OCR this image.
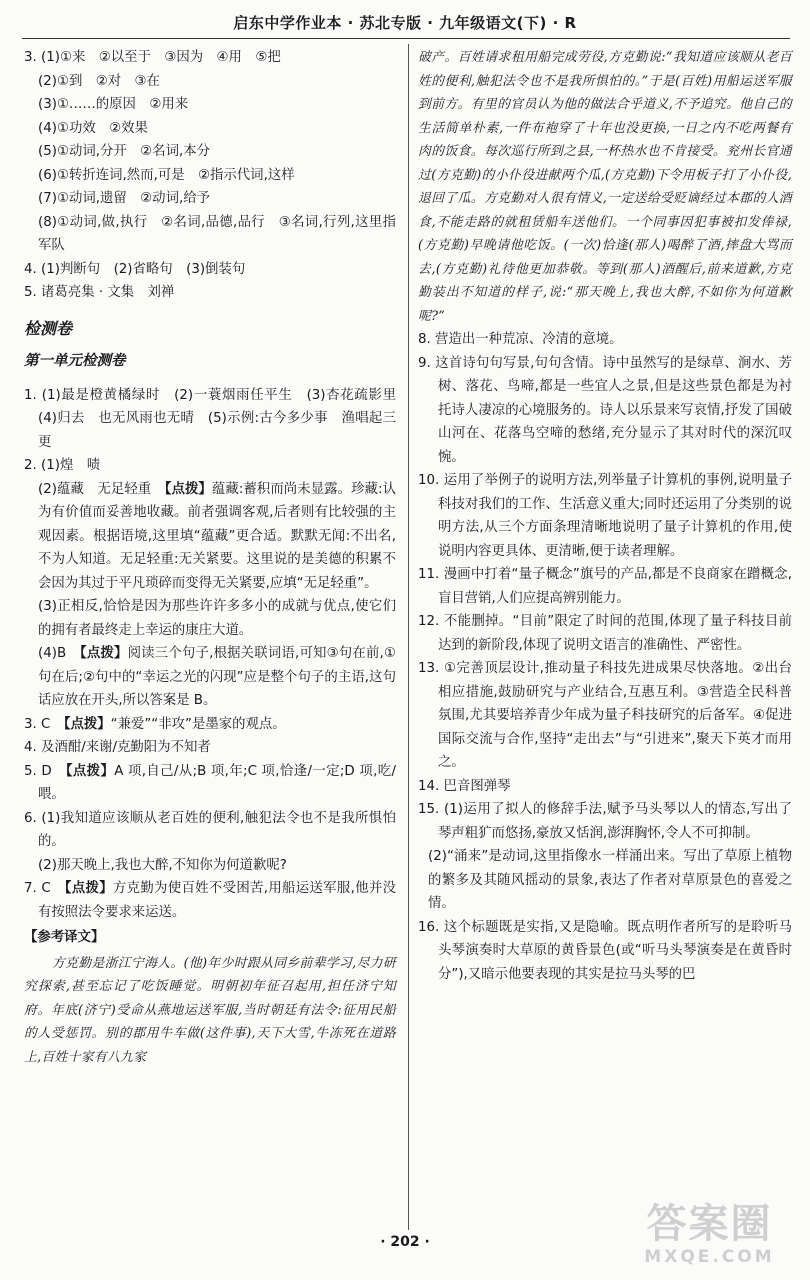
启东中学作业本 · 苏北专版 · 九年级语文(下) · R

3. (1)①来　②以至于　③因为　④用　⑤把

(2)①到　②对　③在

(3)①……的原因　②用来

(4)①功效　②效果

(5)①动词,分开　②名词,本分

(6)①转折连词,然而,可是　②指示代词,这样

(7)①动词,遗留　②动词,给予

(8)①动词,做,执行　②名词,品德,品行　③名词,行列,这里指军队

4. (1)判断句　(2)省略句　(3)倒装句

5. 诸葛亮集 · 文集　刘禅

检测卷

第一单元检测卷

1. (1)最是橙黄橘绿时　(2)一蓑烟雨任平生　(3)杏花疏影里　(4)归去　也无风雨也无晴　(5)示例:古今多少事　渔唱起三更

2. (1)煌　啧

(2)蕴藏　无足轻重　【点拨】蕴藏:蓄积而尚未显露。珍藏:认为有价值而妥善地收藏。前者强调客观,后者则有比较强的主观因素。根据语境,这里填“蕴藏”更合适。默默无闻:不出名,不为人知道。无足轻重:无关紧要。这里说的是美德的积累不会因为其过于平凡琐碎而变得无关紧要,应填“无足轻重”。

(3)正相反,恰恰是因为那些许许多多小的成就与优点,使它们的拥有者最终走上幸运的康庄大道。

(4)B　【点拨】阅读三个句子,根据关联词语,可知③句在前,①句在后;②句中的“幸运之光的闪现”应是整个句子的主语,这句话应放在开头,所以答案是 B。

3. C　【点拨】“兼爱”“非攻”是墨家的观点。

4. 及酒酣/来谢/克勤阳为不知者

5. D　【点拨】A 项,自己/从;B 项,年;C 项,恰逢/一定;D 项,吃/喂。

6. (1)我知道应该顺从老百姓的便利,触犯法令也不是我所惧怕的。

(2)那天晚上,我也大醉,不知你为何道歉呢?

7. C　【点拨】方克勤为使百姓不受困苦,用船运送军服,他并没有按照法令要求来运送。

【参考译文】

方克勤是浙江宁海人。(他)年少时跟从同乡前辈学习,尽力研究探索,甚至忘记了吃饭睡觉。明朝初年征召起用,担任济宁知府。年底(济宁)受命从燕地运送军服,当时朝廷有法令:征用民船的人受惩罚。别的郡用牛车做(这件事),天下大雪,牛冻死在道路上,百姓十家有八九家

破产。百姓请求租用船完成劳役,方克勤说:“我知道应该顺从老百姓的便利,触犯法令也不是我所惧怕的。”于是(百姓)用船运送军服到前方。有里的官员认为他的做法合乎道义,不予追究。他自己的生活简单朴素,一件布袍穿了十年也没更换,一日之内不吃两餐有肉的饭食。每次巡行所到之县,一杯热水也不肯接受。兖州长官通过(方克勤)的小仆役进献两个瓜,(方克勤)下令用板子打了小仆役,退回了瓜。方克勤对人很有情义,一定送给受贬谪经过本郡的人酒食,不能走路的就租赁船车送他们。一个同事因犯事被扣发俸禄,(方克勤)早晚请他吃饭。(一次)恰逢(那人)喝醉了酒,摔盘大骂而去,(方克勤)礼待他更加恭敬。等到(那人)酒醒后,前来道歉,方克勤装出不知道的样子,说:“那天晚上,我也大醉,不如你为何道歉呢?”

8. 营造出一种荒凉、冷清的意境。

9. 这首诗句句写景,句句含情。诗中虽然写的是绿草、涧水、芳树、落花、鸟啼,都是一些宜人之景,但是这些景色都是为衬托诗人凄凉的心境服务的。诗人以乐景来写哀情,抒发了国破山河在、花落鸟空啼的愁绪,充分显示了其对时代的深沉叹惋。

10. 运用了举例子的说明方法,列举量子计算机的事例,说明量子科技对我们的工作、生活意义重大;同时还运用了分类别的说明方法,从三个方面条理清晰地说明了量子计算机的作用,使说明内容更具体、更清晰,便于读者理解。

11. 漫画中打着“量子概念”旗号的产品,都是不良商家在蹭概念,盲目营销,人们应提高辨别能力。

12. 不能删掉。“目前”限定了时间的范围,体现了量子科技目前达到的新阶段,体现了说明文语言的准确性、严密性。

13. ①完善顶层设计,推动量子科技先进成果尽快落地。②出台相应措施,鼓励研究与产业结合,互惠互利。③营造全民科普氛围,尤其要培养青少年成为量子科技研究的后备军。④促进国际交流与合作,坚持“走出去”与“引进来”,聚天下英才而用之。

14. 巴音图弹琴

15. (1)运用了拟人的修辞手法,赋予马头琴以人的情态,写出了琴声粗犷而悠扬,豪放又恬润,澎湃胸怀,令人不可抑制。

(2)“涌来”是动词,这里指像水一样涌出来。写出了草原上植物的繁多及其随风摇动的景象,表达了作者对草原景色的喜爱之情。

16. 这个标题既是实指,又是隐喻。既点明作者所写的是聆听马头琴演奏时大草原的黄昏景色(或“听马头琴演奏是在黄昏时分”),又暗示他要表现的其实是拉马头琴的巴

· 202 ·	答案圈
MXQE.COM
